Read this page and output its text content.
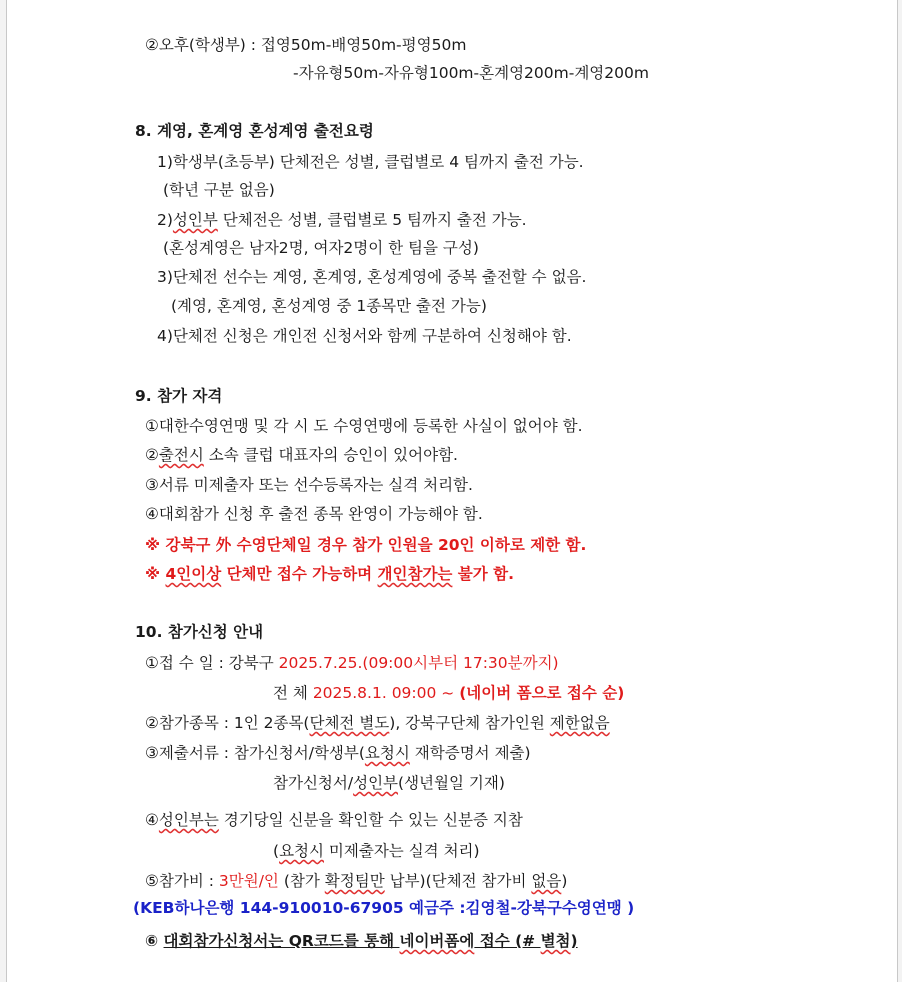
②오후(학생부) : 접영50m-배영50m-평영50m
-자유형50m-자유형100m-혼계영200m-계영200m
8. 계영, 혼계영 혼성계영 출전요령
1)학생부(초등부) 단체전은 성별, 클럽별로 4 팀까지 출전 가능.
(학년 구분 없음)
2)성인부 단체전은 성별, 클럽별로 5 팀까지 출전 가능.
(혼성계영은 남자2명, 여자2명이 한 팀을 구성)
3)단체전 선수는 계영, 혼계영, 혼성계영에 중복 출전할 수 없음.
(계영, 혼계영, 혼성계영 중 1종목만 출전 가능)
4)단체전 신청은 개인전 신청서와 함께 구분하여 신청해야 함.
9. 참가 자격
①대한수영연맹 및 각 시 도 수영연맹에 등록한 사실이 없어야 함.
②출전시 소속 클럽 대표자의 승인이 있어야함.
③서류 미제출자 또는 선수등록자는 실격 처리함.
④대회참가 신청 후 출전 종목 완영이 가능해야 함.
※ 강북구 外 수영단체일 경우 참가 인원을 20인 이하로 제한 함.
※ 4인이상 단체만 접수 가능하며 개인참가는 불가 함.
10. 참가신청 안내
①접 수 일 : 강북구 2025.7.25.(09:00시부터 17:30분까지)
전 체 2025.8.1. 09:00 ~ (네이버 폼으로 접수 순)
②참가종목 : 1인 2종목(단체전 별도), 강북구단체 참가인원 제한없음
③제출서류 : 참가신청서/학생부(요청시 재학증명서 제출)
참가신청서/성인부(생년월일 기재)
④성인부는 경기당일 신분을 확인할 수 있는 신분증 지참
(요청시 미제출자는 실격 처리)
⑤참가비 : 3만원/인 (참가 확정팀만 납부)(단체전 참가비 없음)
(KEB하나은행 144-910010-67905 예금주 :김영철-강북구수영연맹 )
⑥ 대회참가신청서는 QR코드를 통해 네이버폼에 접수 (# 별첨)
